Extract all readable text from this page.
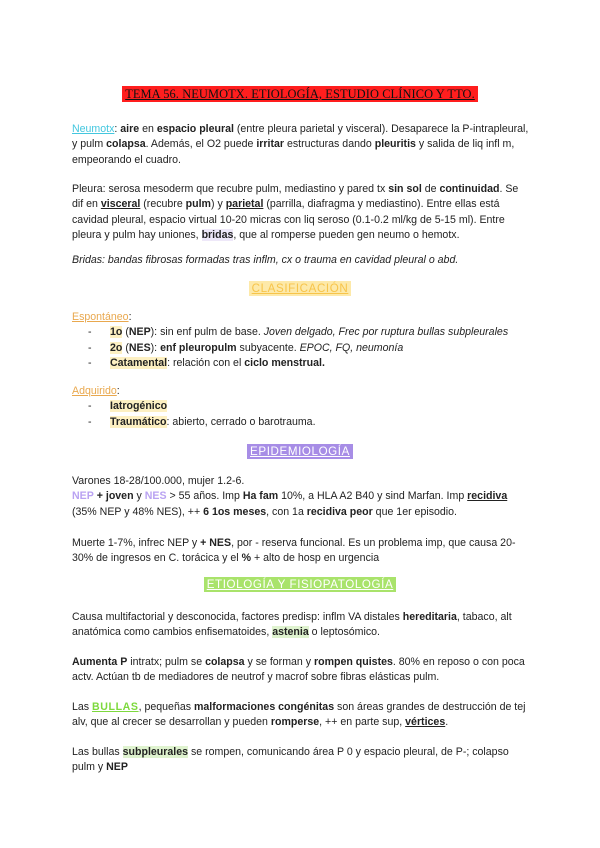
TEMA 56. NEUMOTX. ETIOLOGÍA, ESTUDIO CLÍNICO Y TTO.

Neumotx: aire en espacio pleural (entre pleura parietal y visceral). Desaparece la P-intrapleural, y pulm colapsa. Además, el O2 puede irritar estructuras dando pleuritis y salida de liq infl m, empeorando el cuadro.

Pleura: serosa mesoderm que recubre pulm, mediastino y pared tx sin sol de continuidad. Se dif en visceral (recubre pulm) y parietal (parrilla, diafragma y mediastino). Entre ellas está cavidad pleural, espacio virtual 10-20 micras con liq seroso (0.1-0.2 ml/kg de 5-15 ml). Entre pleura y pulm hay uniones, bridas, que al romperse pueden gen neumo o hemotx.

Bridas: bandas fibrosas formadas tras inflm, cx o trauma en cavidad pleural o abd.

CLASIFICACIÓN
Espontáneo:
- 1o (NEP): sin enf pulm de base. Joven delgado, Frec por ruptura bullas subpleurales
- 2o (NES): enf pleuropulm subyacente. EPOC, FQ, neumonía
- Catamental: relación con el ciclo menstrual.
Adquirido:
- Iatrogénico
- Traumático: abierto, cerrado o barotrauma.
EPIDEMIOLOGÍA
Varones 18-28/100.000, mujer 1.2-6.
NEP + joven y NES > 55 años. Imp Ha fam 10%, a HLA A2 B40 y sind Marfan. Imp recidiva (35% NEP y 48% NES), ++ 6 1os meses, con 1a recidiva peor que 1er episodio.

Muerte 1-7%, infrec NEP y + NES, por - reserva funcional. Es un problema imp, que causa 20-30% de ingresos en C. torácica y el % + alto de hosp en urgencia

ETIOLOGÍA Y FISIOPATOLOGÍA

Causa multifactorial y desconocida, factores predisp: inflm VA distales hereditaria, tabaco, alt anatómica como cambios enfisematoides, astenia o leptosómico.

Aumenta P intratx; pulm se colapsa y se forman y rompen quistes. 80% en reposo o con poca actv. Actúan tb de mediadores de neutrof y macrof sobre fibras elásticas pulm.

Las BULLAS, pequeñas malformaciones congénitas son áreas grandes de destrucción de tej alv, que al crecer se desarrollan y pueden romperse, ++ en parte sup, vértices.

Las bullas subpleurales se rompen, comunicando área P 0 y espacio pleural, de P-; colapso pulm y NEP
